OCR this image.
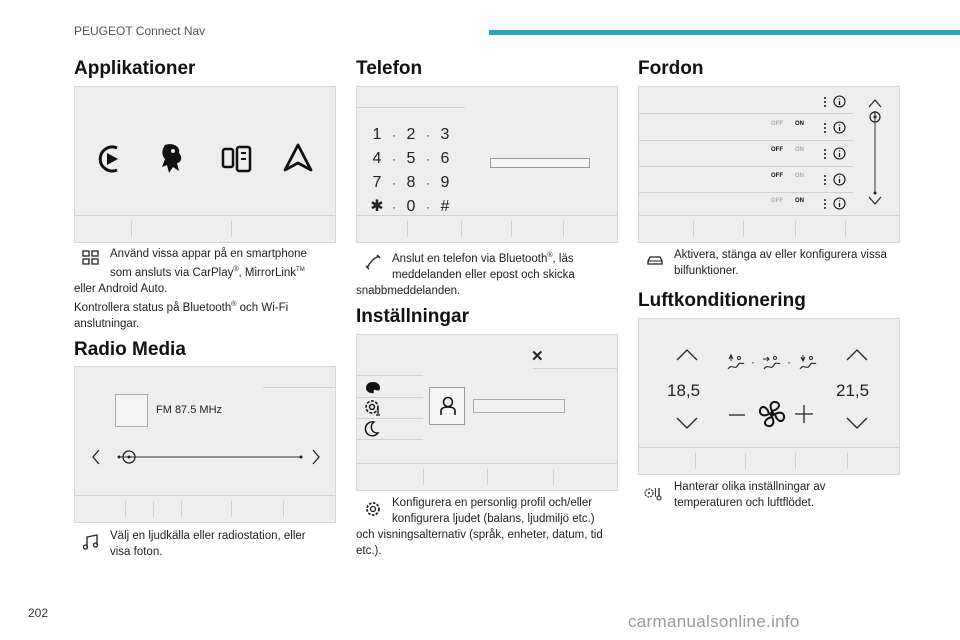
PEUGEOT Connect Nav
Applikationer
Använd vissa appar på en smartphone
som ansluts via CarPlay®, MirrorLink™
eller Android Auto.
Kontrollera status på Bluetooth® och Wi-Fi
anslutningar.
Radio Media
FM 87.5 MHz
Välj en ljudkälla eller radiostation, eller
visa foton.
Telefon
1 · 2 · 3
4 · 5 · 6
7 · 8 · 9
✱ · 0 · #
Anslut en telefon via Bluetooth®, läs
meddelanden eller epost och skicka
snabbmeddelanden.
Inställningar
✕
Konfigurera en personlig profil och/eller
konfigurera ljudet (balans, ljudmiljö etc.)
och visningsalternativ (språk, enheter, datum, tid
etc.).
Fordon
OFF ON
OFF ON
OFF ON
OFF ON
Aktivera, stänga av eller konfigurera vissa
bilfunktioner.
Luftkonditionering
18,5	21,5
·	·
Hanterar olika inställningar av
temperaturen och luftflödet.
202	carmanualsonline.info
